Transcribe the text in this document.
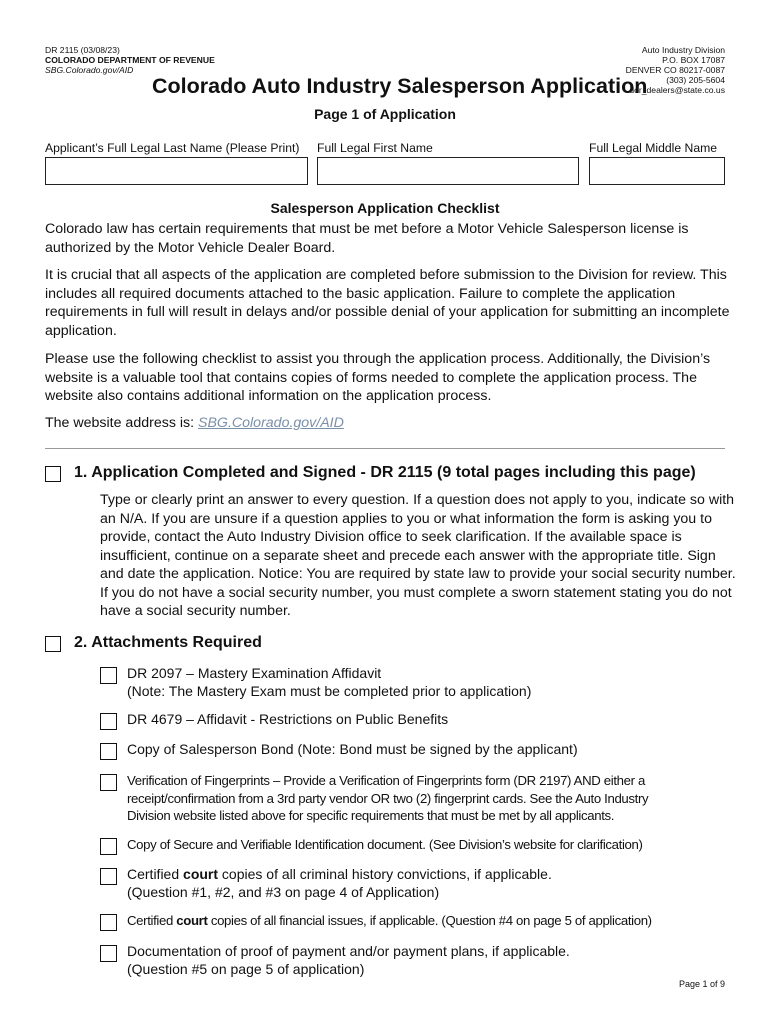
DR 2115 (03/08/23)
COLORADO DEPARTMENT OF REVENUE
SBG.Colorado.gov/AID
Auto Industry Division
P.O. BOX 17087
DENVER CO 80217-0087
(303) 205-5604
dor_dealers@state.co.us
Colorado Auto Industry Salesperson Application
Page 1 of Application
Applicant’s Full Legal Last Name (Please Print) Full Legal First Name	Full Legal Middle Name
Salesperson Application Checklist

Colorado law has certain requirements that must be met before a Motor Vehicle Salesperson license is authorized by the Motor Vehicle Dealer Board.

It is crucial that all aspects of the application are completed before submission to the Division for review. This includes all required documents attached to the basic application. Failure to complete the application requirements in full will result in delays and/or possible denial of your application for submitting an incomplete application.

Please use the following checklist to assist you through the application process. Additionally, the Division’s website is a valuable tool that contains copies of forms needed to complete the application process. The website also contains additional information on the application process.

The website address is: SBG.Colorado.gov/AID
1. Application Completed and Signed - DR 2115 (9 total pages including this page)
Type or clearly print an answer to every question. If a question does not apply to you, indicate so with an N/A. If you are unsure if a question applies to you or what information the form is asking you to provide, contact the Auto Industry Division office to seek clarification. If the available space is insufficient, continue on a separate sheet and precede each answer with the appropriate title. Sign and date the application. Notice: You are required by state law to provide your social security number. If you do not have a social security number, you must complete a sworn statement stating you do not have a social security number.
2. Attachments Required
DR 2097 – Mastery Examination Affidavit
(Note: The Mastery Exam must be completed prior to application)
DR 4679 – Affidavit - Restrictions on Public Benefits
Copy of Salesperson Bond (Note: Bond must be signed by the applicant)
Verification of Fingerprints – Provide a Verification of Fingerprints form (DR 2197) AND either a
receipt/confirmation from a 3rd party vendor OR two (2) fingerprint cards. See the Auto Industry
Division website listed above for specific requirements that must be met by all applicants.
Copy of Secure and Verifiable Identification document. (See Division’s website for clarification)
Certified court copies of all criminal history convictions, if applicable.
(Question #1, #2, and #3 on page 4 of Application)
Certified court copies of all financial issues, if applicable. (Question #4 on page 5 of application)
Documentation of proof of payment and/or payment plans, if applicable.
(Question #5 on page 5 of application)
Page 1 of 9
